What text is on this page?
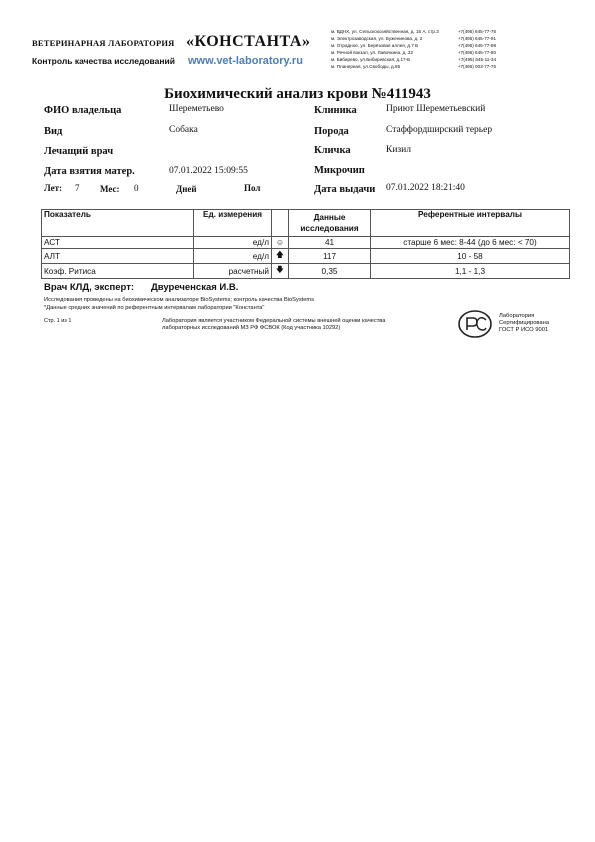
ВЕТЕРИНАРНАЯ ЛАБОРАТОРИЯ «КОНСТАНТА»
Контроль качества исследований www.vet-laboratory.ru
м. ВДНХ, ул. Сельскохозяйственная, д. 16 А, стр.3	+7(495) 645-77-76
м. Электрозаводская, ул. Буженинова, д. 2	+7(495) 645-77-91
м. Отрадное, ул. Берёзовая аллея, д.7 Б	+7(495) 645-77-98
м. Речной вокзал, ул. Лавочкина, д. 32	+7(495) 645-77-80
м. Бибирево, ул.Бибиревская, д.17-Б	+7(495) 645-11-34
м. Планерная, ул.Свободы, д.85	+7(495) 003-77-75
Биохимический анализ крови №411943
ФИО владельца	Шереметьево
Вид	Собака
Лечащий врач
Дата взятия матер.	07.01.2022 15:09:55
Лет: 7 Мес: 0	Дней	Пол
Клиника	Приют Шереметьевский
Порода	Стаффордширский терьер
Кличка	Кизил
Микрочип
Дата выдачи 07.01.2022 18:21:40
Показатель	Ед. измерения		Данные исследования	Референтные интервалы
АСТ	ед/л	☺	41	старше 6 мес: 8-44 (до 6 мес: < 70)
АЛТ	ед/л	🡅	117	10 - 58
Коэф. Ритиса	расчетный	🡇	0,35	1,1 - 1,3
Врач КЛД, эксперт: Двуреченская И.В.
Исследования проведены на биохимическом анализаторе BioSystems; контроль качества BioSystems
*Данные средних значений по референтным интервалам лаборатории "Константа"
Стр. 1 из 1	Лаборатория является участником Федеральной системы внешней оценки качества
лабораторных исследований МЗ РФ ФСВОК (Код участника 10292)
Лаборатория
Сертифицирована
ГОСТ Р ИСО 9001
